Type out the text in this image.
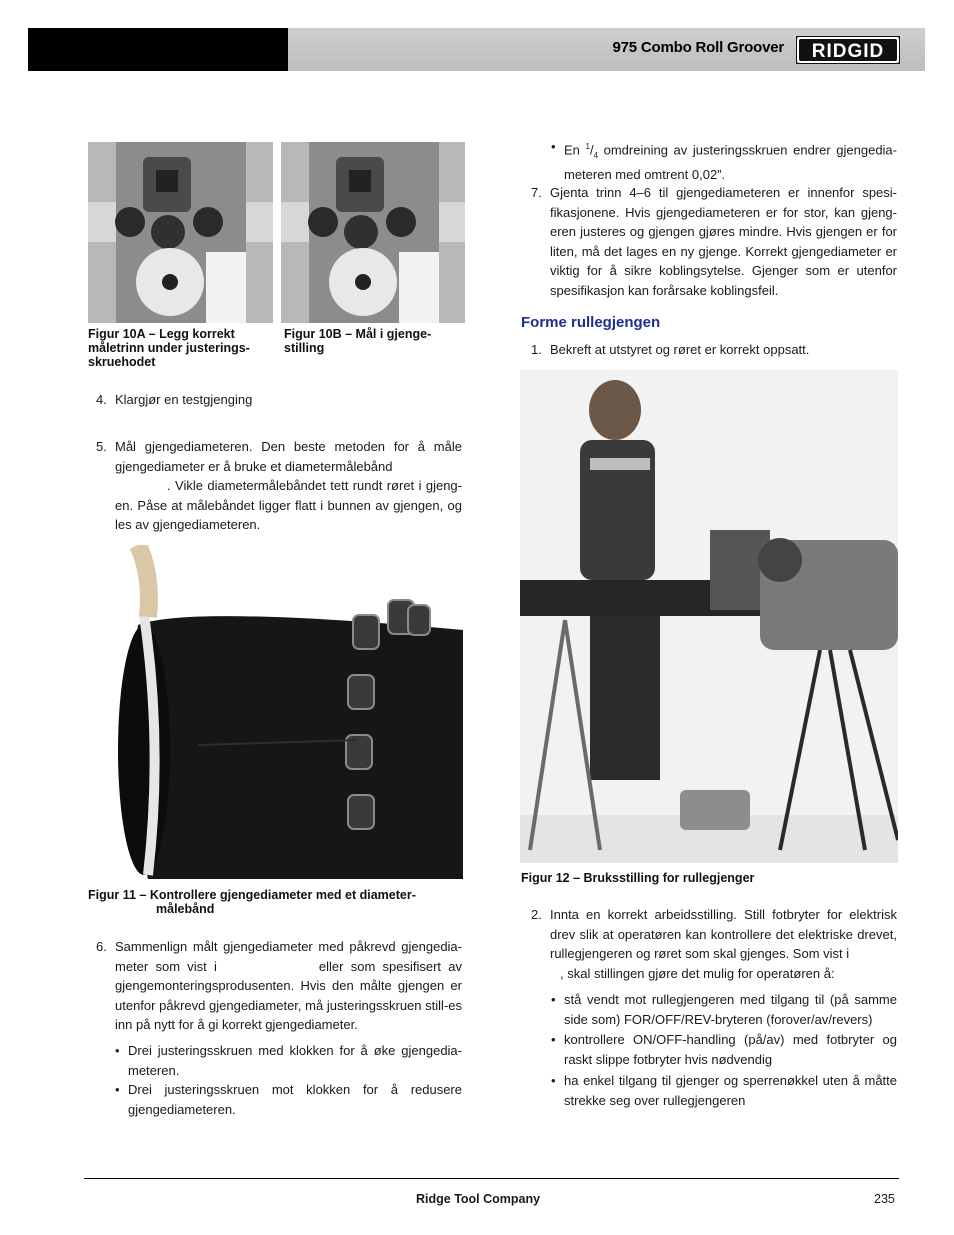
975 Combo Roll Groover RIDGID
Figur 10A – Legg korrekt måletrinn under justerings-skruehodet
Figur 10B – Mål i gjenge-stilling
4. Klargjør en testgjenging
5. Mål gjengediameteren. Den beste metoden for å måle gjengediameter er å bruke et diametermålebånd
. Vikle diametermålebåndet tett rundt røret i gjeng-en. Påse at målebåndet ligger flatt i bunnen av gjengen, og les av gjengediameteren.
Figur 11 – Kontrollere gjengediameter med et diameter-
målebånd
6. Sammenlign målt gjengediameter med påkrevd gjengedia-meter som vist i	eller som spesifisert av gjengemonteringsprodusenten. Hvis den målte gjengen er utenfor påkrevd gjengediameter, må justeringsskruen still-es inn på nytt for å gi korrekt gjengediameter.
• Drei justeringsskruen med klokken for å øke gjengedia-meteren.
• Drei justeringsskruen mot klokken for å redusere gjengediameteren.
• En $^1/_4$ omdreining av justeringsskruen endrer gjengedia-meteren med omtrent 0,02”.
7. Gjenta trinn 4–6 til gjengediameteren er innenfor spesi-fikasjonene. Hvis gjengediameteren er for stor, kan gjeng-eren justeres og gjengen gjøres mindre. Hvis gjengen er for liten, må det lages en ny gjenge. Korrekt gjengediameter er viktig for å sikre koblingsytelse. Gjenger som er utenfor spesifikasjon kan forårsake koblingsfeil.
Forme rullegjengen
1. Bekreft at utstyret og røret er korrekt oppsatt.
Figur 12 – Bruksstilling for rullegjenger
2. Innta en korrekt arbeidsstilling. Still fotbryter for elektrisk drev slik at operatøren kan kontrollere det elektriske drevet, rullegjengeren og røret som skal gjenges. Som vist i
, skal stillingen gjøre det mulig for operatøren å:
• stå vendt mot rullegjengeren med tilgang til (på samme side som) FOR/OFF/REV-bryteren (forover/av/revers)
• kontrollere ON/OFF-handling (på/av) med fotbryter og raskt slippe fotbryter hvis nødvendig
• ha enkel tilgang til gjenger og sperrenøkkel uten å måtte strekke seg over rullegjengeren
Ridge Tool Company	235
